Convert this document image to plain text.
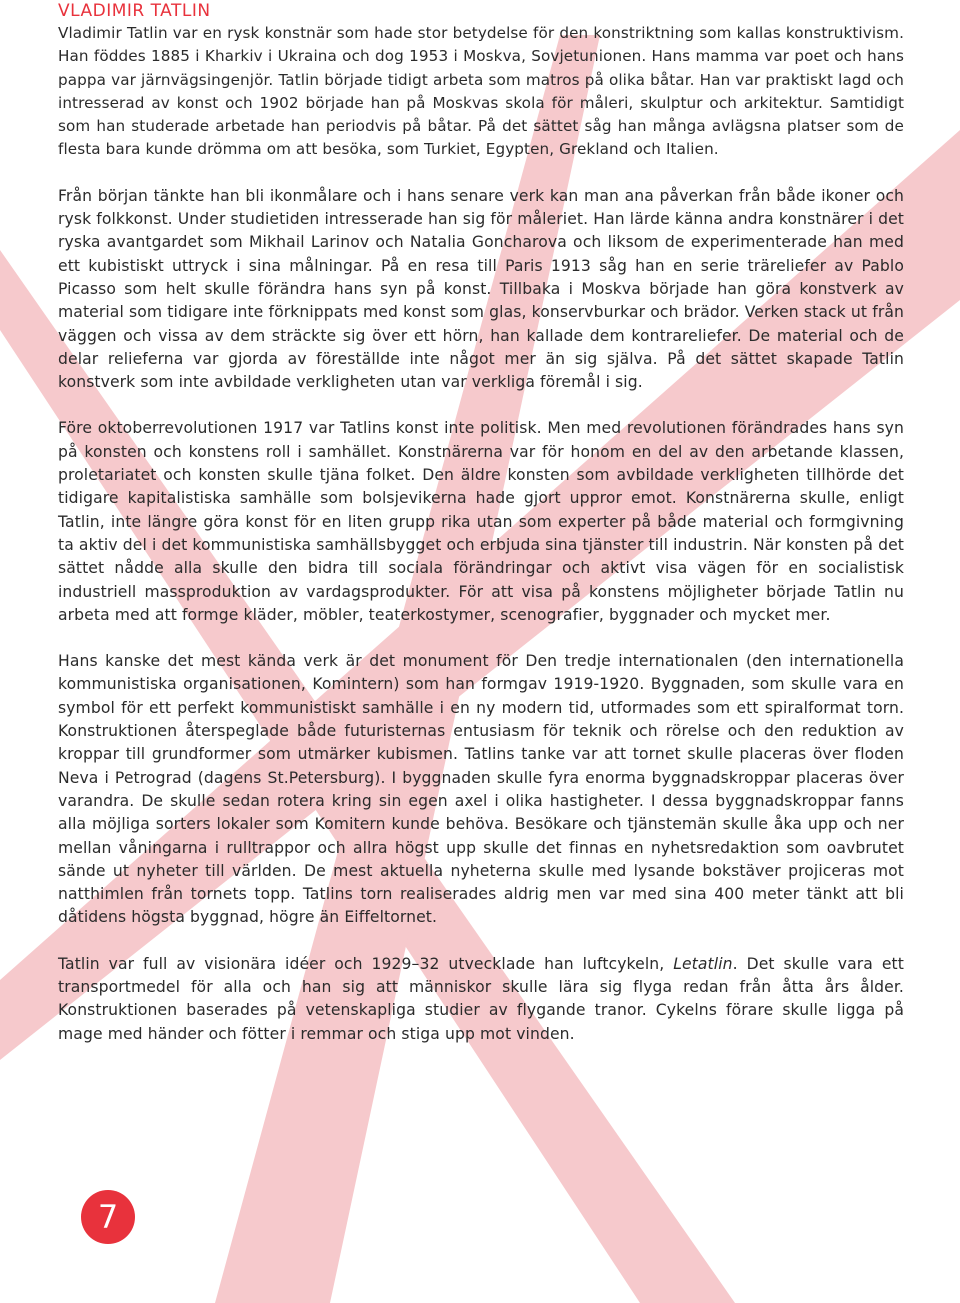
VLADIMIR TATLIN

Vladimir Tatlin var en rysk konstnär som hade stor betydelse för den konstriktning som kallas konstruktivism. Han föddes 1885 i Kharkiv i Ukraina och dog 1953 i Moskva, Sovjetunionen. Hans mamma var poet och hans pappa var järnvägsingenjör. Tatlin började tidigt arbeta som matros på olika båtar. Han var praktiskt lagd och intresserad av konst och 1902 började han på Moskvas skola för måleri, skulptur och arkitektur. Samtidigt som han studerade arbetade han periodvis på båtar. På det sättet såg han många avlägsna platser som de flesta bara kunde drömma om att besöka, som Turkiet, Egypten, Grekland och Italien.

Från början tänkte han bli ikonmålare och i hans senare verk kan man ana påverkan från både ikoner och rysk folkkonst. Under studietiden intresserade han sig för måleriet. Han lärde känna andra konstnärer i det ryska avantgardet som Mikhail Larinov och Natalia Goncharova och liksom de experimenterade han med ett kubistiskt uttryck i sina målningar. På en resa till Paris 1913 såg han en serie träreliefer av Pablo Picasso som helt skulle förändra hans syn på konst. Tillbaka i Moskva började han göra konstverk av material som tidigare inte förknippats med konst som glas, konservburkar och brädor. Verken stack ut från väggen och vissa av dem sträckte sig över ett hörn, han kallade dem kontrareliefer. De material och de delar relieferna var gjorda av föreställde inte något mer än sig själva. På det sättet skapade Tatlin konstverk som inte avbildade verkligheten utan var verkliga föremål i sig.

Före oktoberrevolutionen 1917 var Tatlins konst inte politisk. Men med revolutionen förändrades hans syn på konsten och konstens roll i samhället. Konstnärerna var för honom en del av den arbetande klassen, proletariatet och konsten skulle tjäna folket. Den äldre konsten som avbildade verkligheten tillhörde det tidigare kapitalistiska samhälle som bolsjevikerna hade gjort uppror emot. Konstnärerna skulle, enligt Tatlin, inte längre göra konst för en liten grupp rika utan som experter på både material och formgivning ta aktiv del i det kommunistiska samhällsbygget och erbjuda sina tjänster till industrin. När konsten på det sättet nådde alla skulle den bidra till sociala förändringar och aktivt visa vägen för en socialistisk industriell massproduktion av vardagsprodukter. För att visa på konstens möjligheter började Tatlin nu arbeta med att formge kläder, möbler, teaterkostymer, scenografier, byggnader och mycket mer.

Hans kanske det mest kända verk är det monument för Den tredje internationalen (den internationella kommunistiska organisationen, Komintern) som han formgav 1919-1920. Byggnaden, som skulle vara en symbol för ett perfekt kommunistiskt samhälle i en ny modern tid, utformades som ett spiralformat torn. Konstruktionen återspeglade både futuristernas entusiasm för teknik och rörelse och den reduktion av kroppar till grundformer som utmärker kubismen. Tatlins tanke var att tornet skulle placeras över floden Neva i Petrograd (dagens St.Petersburg). I byggnaden skulle fyra enorma byggnadskroppar placeras över varandra. De skulle sedan rotera kring sin egen axel i olika hastigheter. I dessa byggnadskroppar fanns alla möjliga sorters lokaler som Komitern kunde behöva. Besökare och tjänstemän skulle åka upp och ner mellan våningarna i rulltrappor och allra högst upp skulle det finnas en nyhetsredaktion som oavbrutet sände ut nyheter till världen. De mest aktuella nyheterna skulle med lysande bokstäver projiceras mot natthimlen från tornets topp. Tatlins torn realiserades aldrig men var med sina 400 meter tänkt att bli dåtidens högsta byggnad, högre än Eiffeltornet.

Tatlin var full av visionära idéer och 1929–32 utvecklade han luftcykeln, Letatlin. Det skulle vara ett transportmedel för alla och han sig att människor skulle lära sig flyga redan från åtta års ålder. Konstruktionen baserades på vetenskapliga studier av flygande tranor. Cykelns förare skulle ligga på mage med händer och fötter i remmar och stiga upp mot vinden.

7
